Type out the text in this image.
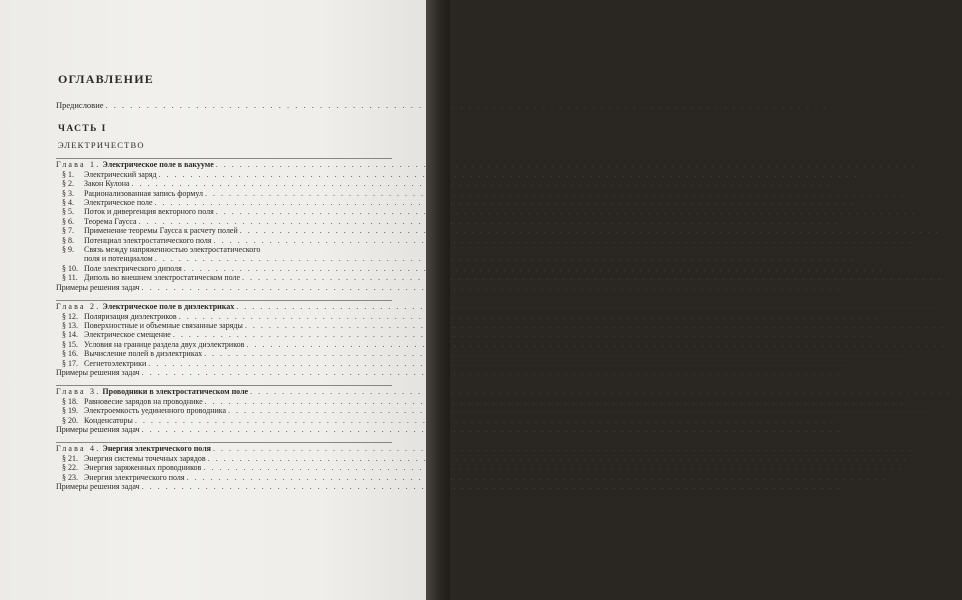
ОГЛАВЛЕНИЕ
Предисловие . . .	7
ЧАСТЬ I
ЭЛЕКТРИЧЕСТВО
Глава 1. Электрическое поле в вакууме . . .	9
§ 1. Электрический заряд . . .	9
§ 2. Закон Кулона . . .	11
§ 3. Рационализованная запись формул . . .	12
§ 4. Электрическое поле . . .	14
§ 5. Поток и дивергенция векторного поля . . .	17
§ 6. Теорема Гаусса . . .	27
§ 7. Применение теоремы Гаусса к расчету полей . . .	30
§ 8. Потенциал электростатического поля . . .	35
§ 9. Связь между напряженностью электростатического
поля и потенциалом . . .	40
§ 10. Поле электрического диполя . . .	42
§ 11. Диполь во внешнем электростатическом поле . . .	45
Примеры решения задач . . .	48
Глава 2. Электрическое поле в диэлектриках . . .	55
§ 12. Поляризация диэлектриков . . .	55
§ 13. Поверхностные и объемные связанные заряды . . .	58
§ 14. Электрическое смещение . . .	60
§ 15. Условия на границе раздела двух диэлектриков . . .	66
§ 16. Вычисление полей в диэлектриках . . .	69
§ 17. Сегнетоэлектрики . . .	73
Примеры решения задач . . .	75
Глава 3. Проводники в электростатическом поле . . .	76
§ 18. Равновесие зарядов на проводнике . . .	76
§ 19. Электроемкость уединенного проводника . . .	80
§ 20. Конденсаторы . . .	82
Примеры решения задач . . .	86
Глава 4. Энергия электрического поля . . .	88
§ 21. Энергия системы точечных зарядов . . .	88
§ 22. Энергия заряженных проводников . . .	90
§ 23. Энергия электрического поля . . .	91
Примеры решения задач . . .	94
